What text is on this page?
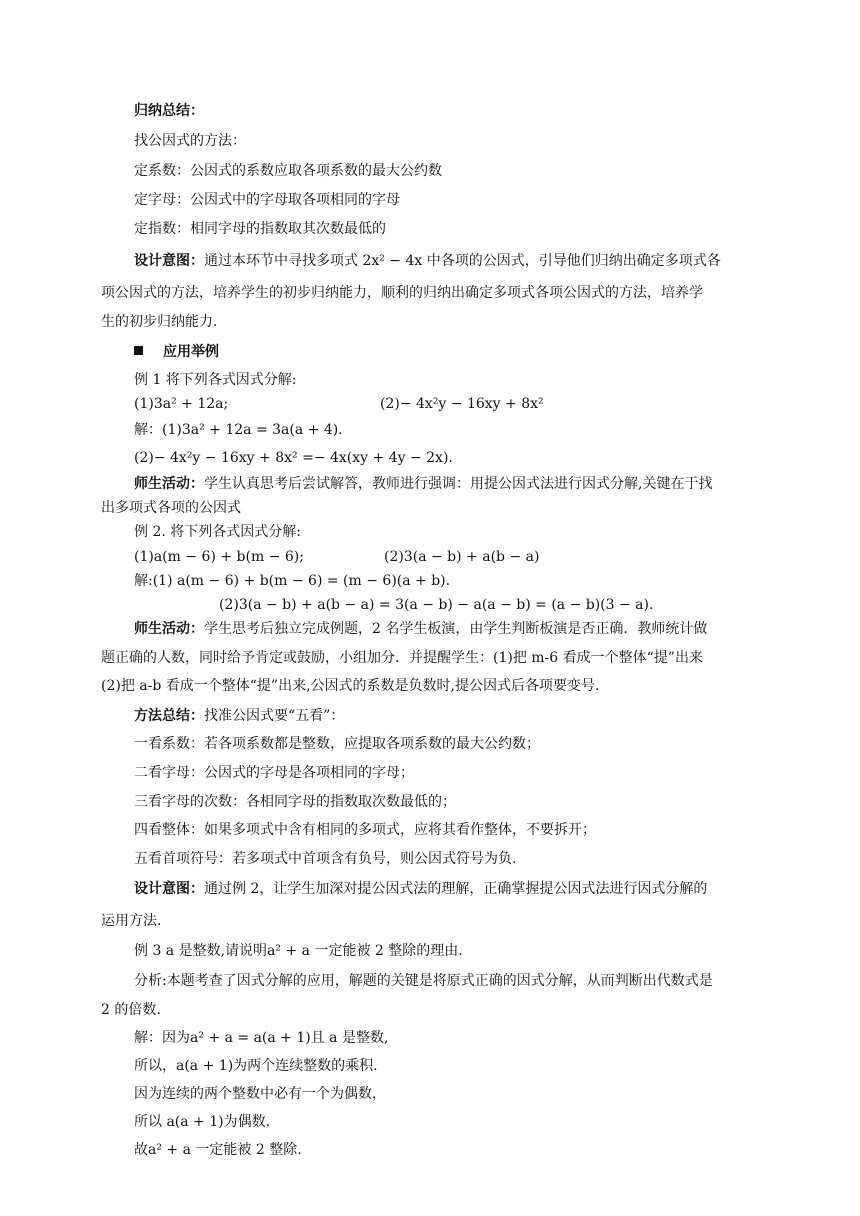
归纳总结：
找公因式的方法：
定系数：公因式的系数应取各项系数的最大公约数
定字母：公因式中的字母取各项相同的字母
定指数：相同字母的指数取其次数最低的
设计意图：通过本环节中寻找多项式 2x² − 4x 中各项的公因式，引导他们归纳出确定多项式各
项公因式的方法，培养学生的初步归纳能力，顺利的归纳出确定多项式各项公因式的方法，培养学
生的初步归纳能力.
应用举例
例 1 将下列各式因式分解:
(1)3a² + 12a;	(2)− 4x²y − 16xy + 8x²
解：(1)3a² + 12a = 3a(a + 4).
(2)− 4x²y − 16xy + 8x² =− 4x(xy + 4y − 2x).
师生活动：学生认真思考后尝试解答，教师进行强调：用提公因式法进行因式分解,关键在于找
出多项式各项的公因式
例 2. 将下列各式因式分解:
(1)a(m − 6) + b(m − 6);	(2)3(a − b) + a(b − a)
解:(1) a(m − 6) + b(m − 6) = (m − 6)(a + b).
(2)3(a − b) + a(b − a) = 3(a − b) − a(a − b) = (a − b)(3 − a).
师生活动：学生思考后独立完成例题，2 名学生板演，由学生判断板演是否正确．教师统计做
题正确的人数，同时给予肯定或鼓励，小组加分．并提醒学生：(1)把 m-6 看成一个整体“提”出来
(2)把 a-b 看成一个整体“提”出来,公因式的系数是负数时,提公因式后各项要变号.
方法总结：找准公因式要“五看”：
一看系数：若各项系数都是整数，应提取各项系数的最大公约数；
二看字母：公因式的字母是各项相同的字母；
三看字母的次数：各相同字母的指数取次数最低的；
四看整体：如果多项式中含有相同的多项式，应将其看作整体，不要拆开；
五看首项符号：若多项式中首项含有负号，则公因式符号为负.
设计意图：通过例 2，让学生加深对提公因式法的理解，正确掌握提公因式法进行因式分解的
运用方法.
例 3 a 是整数,请说明a² + a 一定能被 2 整除的理由.
分析:本题考查了因式分解的应用，解题的关键是将原式正确的因式分解，从而判断出代数式是
2 的倍数.
解：因为a² + a = a(a + 1)且 a 是整数,
所以，a(a + 1)为两个连续整数的乘积.
因为连续的两个整数中必有一个为偶数，
所以 a(a + 1)为偶数.
故a² + a 一定能被 2 整除.
